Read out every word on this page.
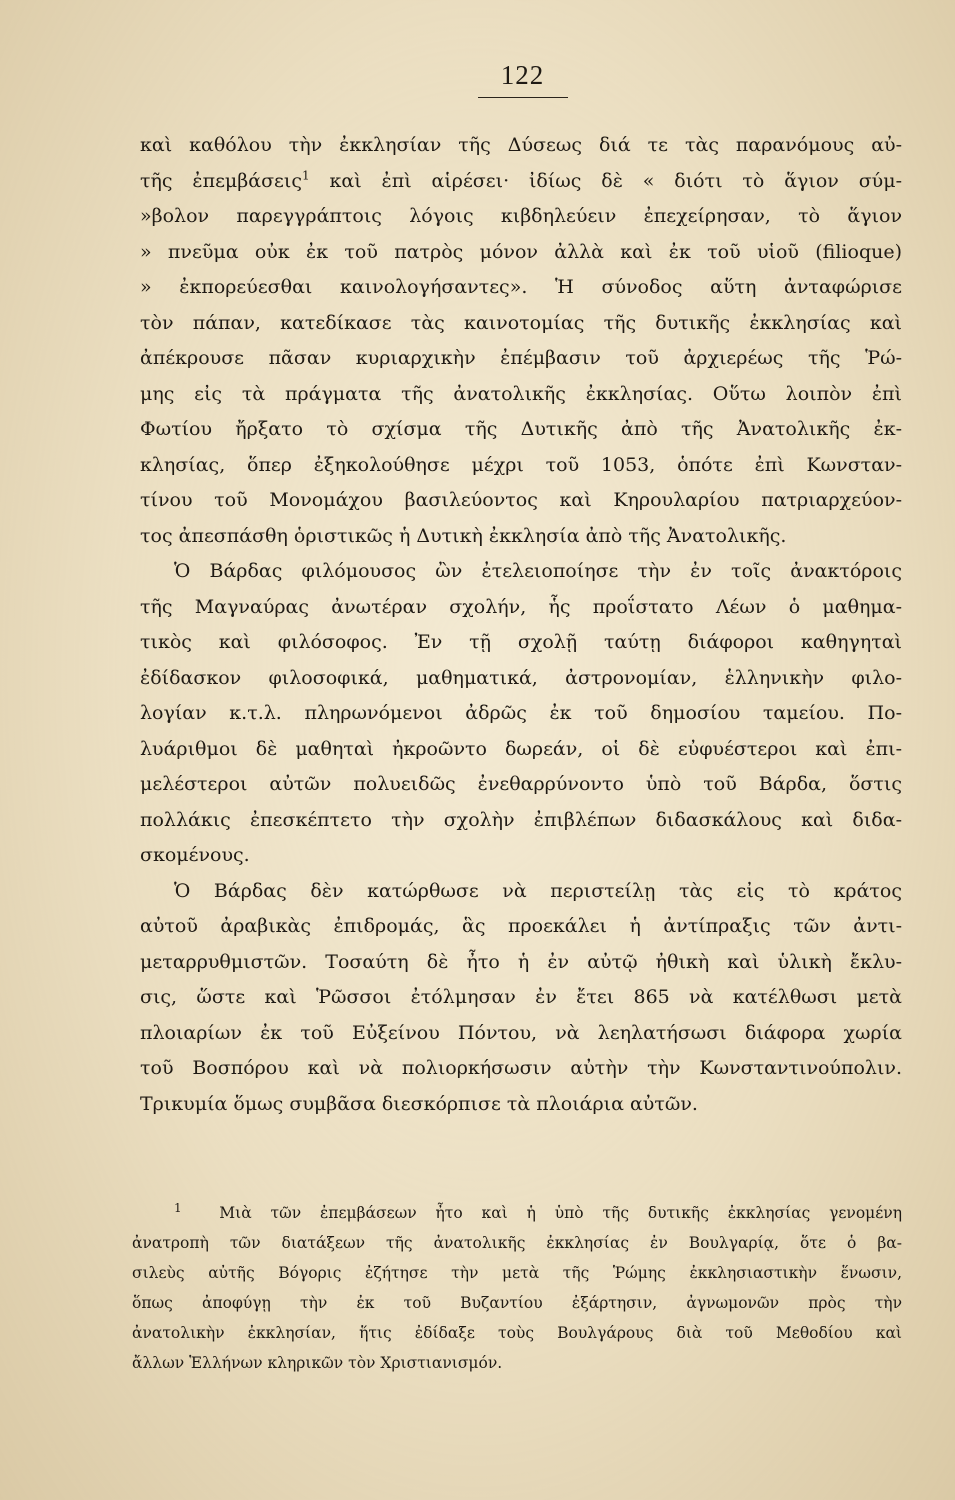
122
καὶ καθόλου τὴν ἐκκλησίαν τῆς Δύσεως διά τε τὰς παρανόμους αὐ-
τῆς ἐπεμβάσεις$^1$ καὶ ἐπὶ αἱρέσει· ἰδίως δὲ « διότι τὸ ἅγιον σύμ-
»βολον παρεγγράπτοις λόγοις κιβδηλεύειν ἐπεχείρησαν, τὸ ἅγιον
» πνεῦμα οὐκ ἐκ τοῦ πατρὸς μόνον ἀλλὰ καὶ ἐκ τοῦ υἱοῦ (filioque)
» ἐκπορεύεσθαι καινολογήσαντες». Ἡ σύνοδος αὕτη ἀνταφώρισε
τὸν πάπαν, κατεδίκασε τὰς καινοτομίας τῆς δυτικῆς ἐκκλησίας καὶ
ἀπέκρουσε πᾶσαν κυριαρχικὴν ἐπέμβασιν τοῦ ἀρχιερέως τῆς Ῥώ-
μης εἰς τὰ πράγματα τῆς ἀνατολικῆς ἐκκλησίας. Οὕτω λοιπὸν ἐπὶ
Φωτίου ἤρξατο τὸ σχίσμα τῆς Δυτικῆς ἀπὸ τῆς Ἀνατολικῆς ἐκ-
κλησίας, ὅπερ ἐξηκολούθησε μέχρι τοῦ 1053, ὁπότε ἐπὶ Κωνσταν-
τίνου τοῦ Μονομάχου βασιλεύοντος καὶ Κηρουλαρίου πατριαρχεύον-
τος ἀπεσπάσθη ὁριστικῶς ἡ Δυτικὴ ἐκκλησία ἀπὸ τῆς Ἀνατολικῆς.
Ὁ Βάρδας φιλόμουσος ὢν ἐτελειοποίησε τὴν ἐν τοῖς ἀνακτόροις
τῆς Μαγναύρας ἀνωτέραν σχολήν, ἧς προΐστατο Λέων ὁ μαθημα-
τικὸς καὶ φιλόσοφος. Ἐν τῇ σχολῇ ταύτῃ διάφοροι καθηγηταὶ
ἐδίδασκον φιλοσοφικά, μαθηματικά, ἀστρονομίαν, ἑλληνικὴν φιλο-
λογίαν κ.τ.λ. πληρωνόμενοι ἀδρῶς ἐκ τοῦ δημοσίου ταμείου. Πο-
λυάριθμοι δὲ μαθηταὶ ἠκροῶντο δωρεάν, οἱ δὲ εὐφυέστεροι καὶ ἐπι-
μελέστεροι αὐτῶν πολυειδῶς ἐνεθαρρύνοντο ὑπὸ τοῦ Βάρδα, ὅστις
πολλάκις ἐπεσκέπτετο τὴν σχολὴν ἐπιβλέπων διδασκάλους καὶ διδα-
σκομένους.
Ὁ Βάρδας δὲν κατώρθωσε νὰ περιστείλῃ τὰς εἰς τὸ κράτος
αὐτοῦ ἀραβικὰς ἐπιδρομάς, ἃς προεκάλει ἡ ἀντίπραξις τῶν ἀντι-
μεταρρυθμιστῶν. Τοσαύτη δὲ ἦτο ἡ ἐν αὐτῷ ἠθικὴ καὶ ὑλικὴ ἔκλυ-
σις, ὥστε καὶ Ῥῶσσοι ἐτόλμησαν ἐν ἔτει 865 νὰ κατέλθωσι μετὰ
πλοιαρίων ἐκ τοῦ Εὐξείνου Πόντου, νὰ λεηλατήσωσι διάφορα χωρία
τοῦ Βοσπόρου καὶ νὰ πολιορκήσωσιν αὐτὴν τὴν Κωνσταντινούπολιν.
Τρικυμία ὅμως συμβᾶσα διεσκόρπισε τὰ πλοιάρια αὐτῶν.
$^1$ Μιὰ τῶν ἐπεμβάσεων ἦτο καὶ ἡ ὑπὸ τῆς δυτικῆς ἐκκλησίας γενομένη
ἀνατροπὴ τῶν διατάξεων τῆς ἀνατολικῆς ἐκκλησίας ἐν Βουλγαρίᾳ, ὅτε ὁ βα-
σιλεὺς αὐτῆς Βόγορις ἐζήτησε τὴν μετὰ τῆς Ῥώμης ἐκκλησιαστικὴν ἕνωσιν,
ὅπως ἀποφύγῃ τὴν ἐκ τοῦ Βυζαντίου ἐξάρτησιν, ἀγνωμονῶν πρὸς τὴν
ἀνατολικὴν ἐκκλησίαν, ἥτις ἐδίδαξε τοὺς Βουλγάρους διὰ τοῦ Μεθοδίου καὶ
ἄλλων Ἑλλήνων κληρικῶν τὸν Χριστιανισμόν.
